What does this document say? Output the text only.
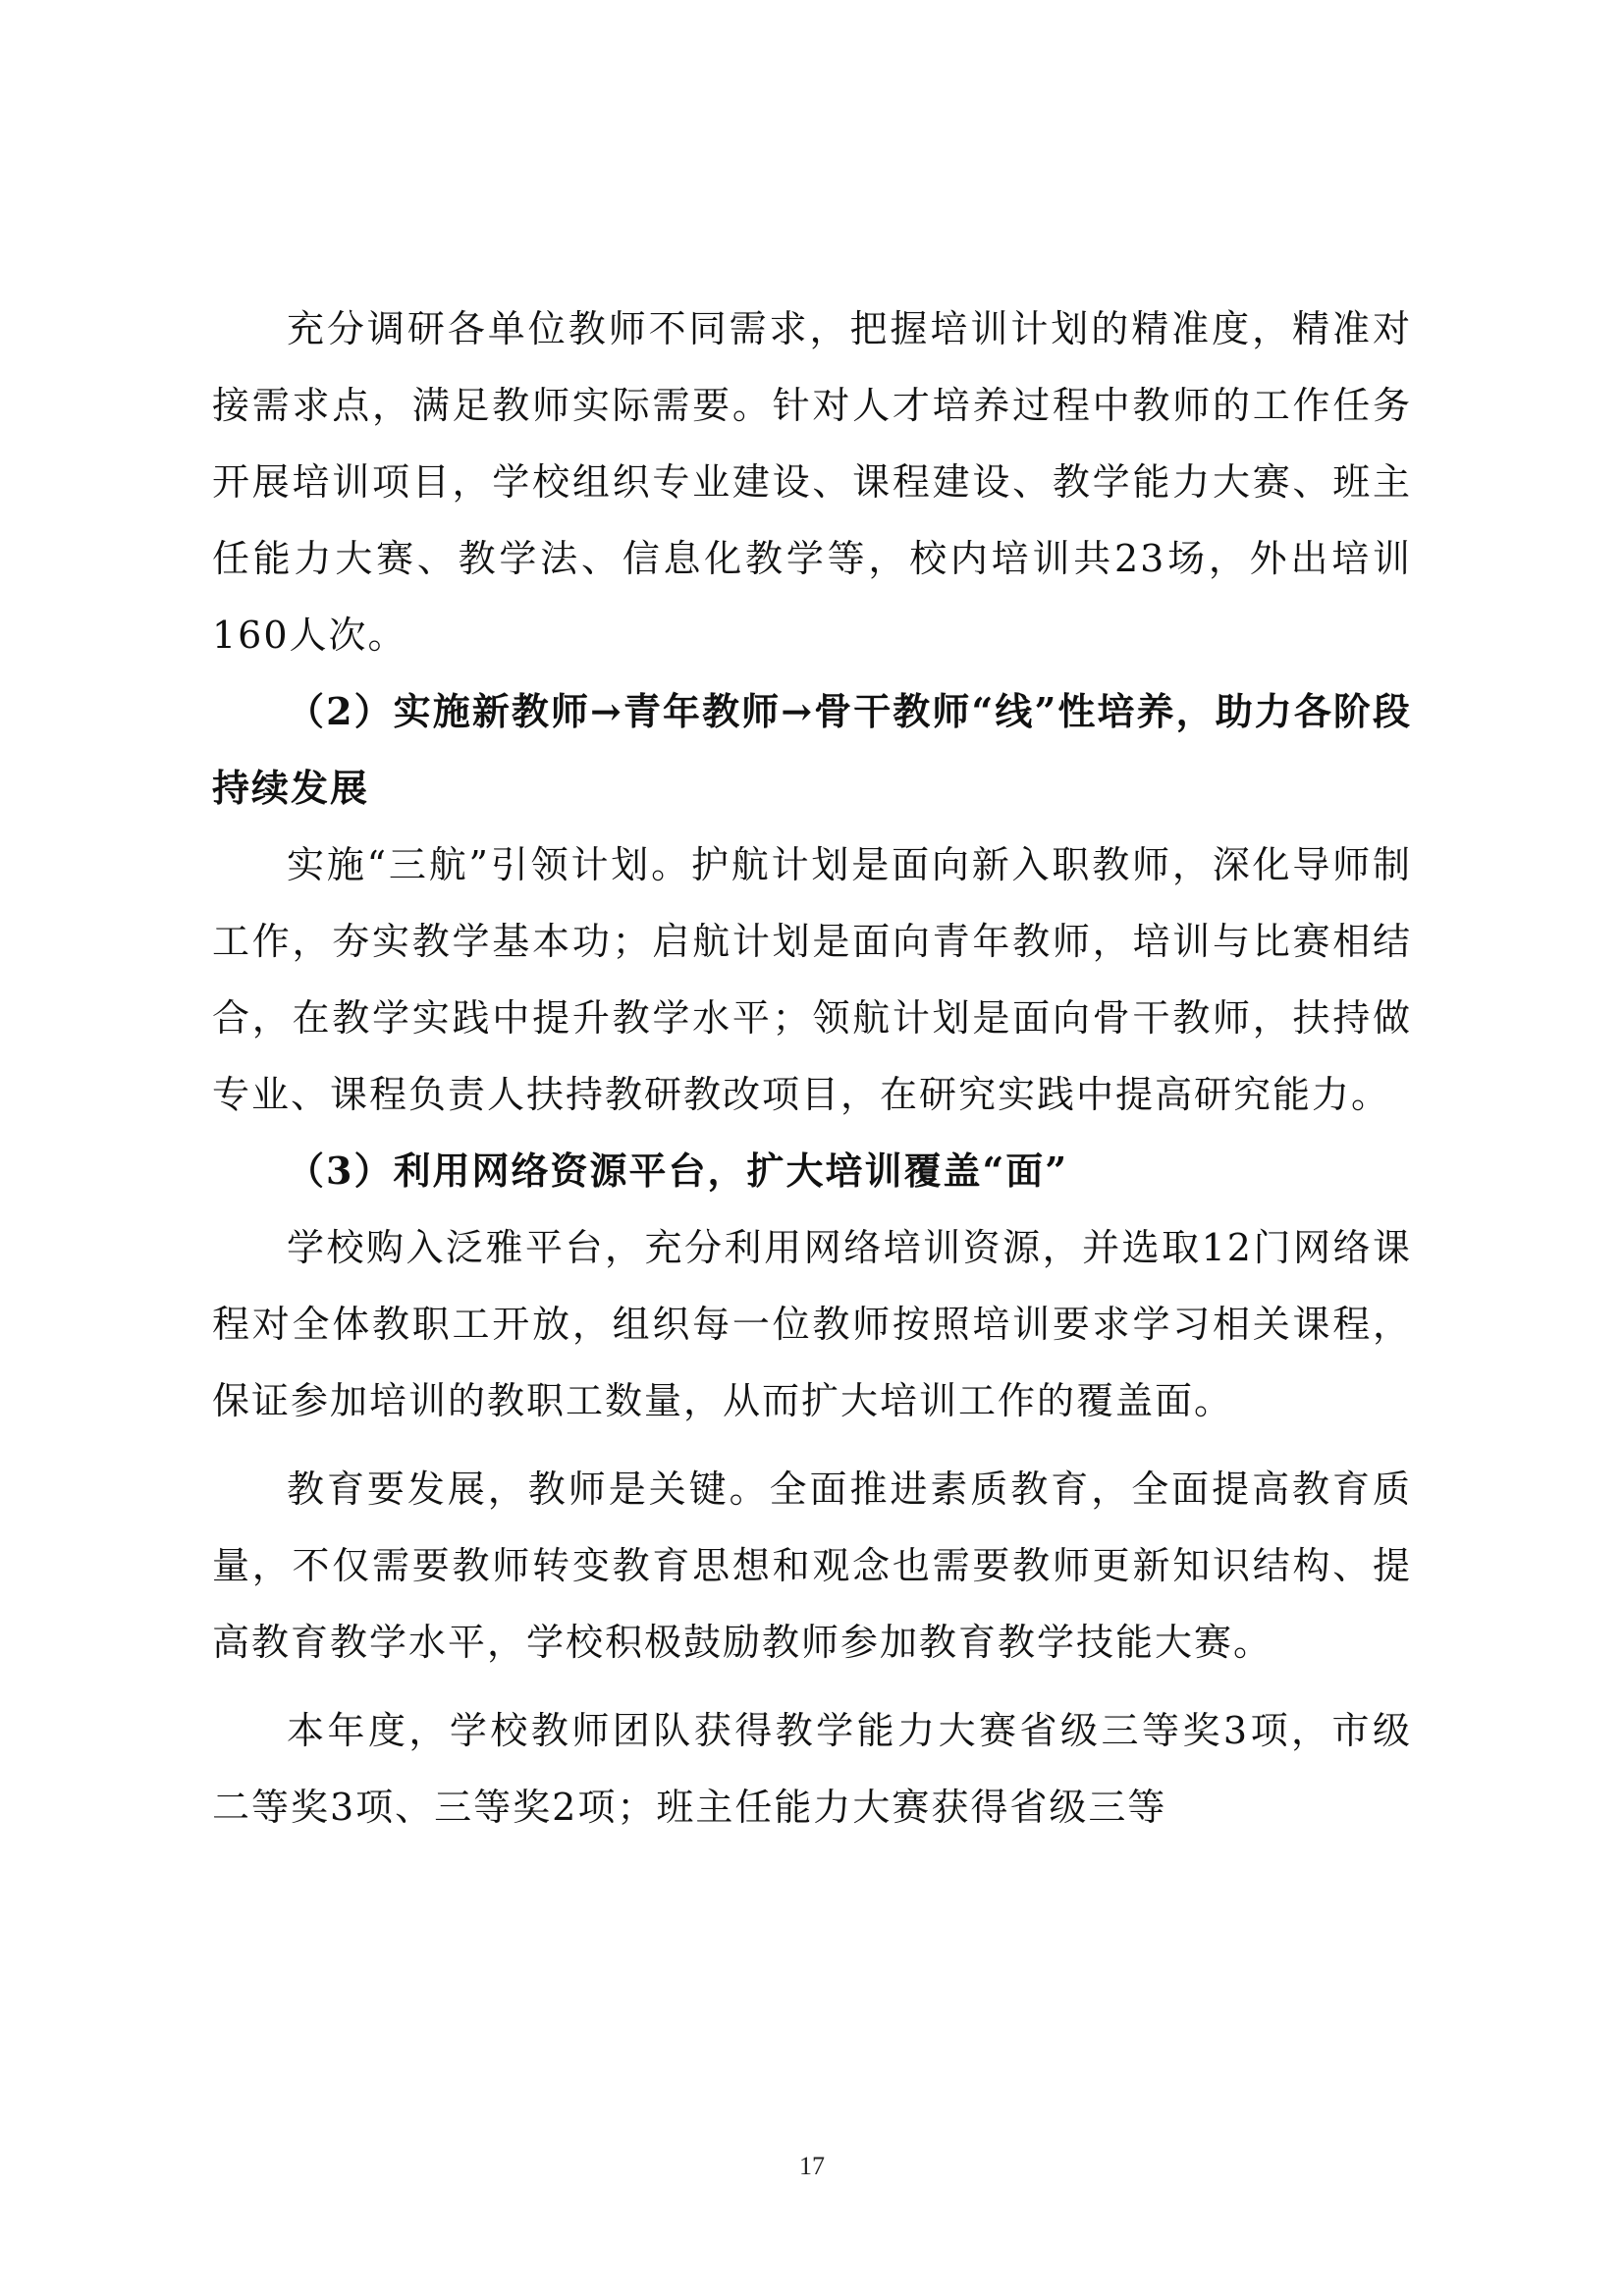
充分调研各单位教师不同需求，把握培训计划的精准度，精准对接需求点，满足教师实际需要。针对人才培养过程中教师的工作任务开展培训项目，学校组织专业建设、课程建设、教学能力大赛、班主任能力大赛、教学法、信息化教学等，校内培训共23场，外出培训160人次。

（2）实施新教师→青年教师→骨干教师“线”性培养，助力各阶段持续发展

实施“三航”引领计划。护航计划是面向新入职教师，深化导师制工作，夯实教学基本功；启航计划是面向青年教师，培训与比赛相结合，在教学实践中提升教学水平；领航计划是面向骨干教师，扶持做专业、课程负责人扶持教研教改项目，在研究实践中提高研究能力。

（3）利用网络资源平台，扩大培训覆盖“面”

学校购入泛雅平台，充分利用网络培训资源，并选取12门网络课程对全体教职工开放，组织每一位教师按照培训要求学习相关课程，保证参加培训的教职工数量，从而扩大培训工作的覆盖面。

教育要发展，教师是关键。全面推进素质教育，全面提高教育质量，不仅需要教师转变教育思想和观念也需要教师更新知识结构、提高教育教学水平，学校积极鼓励教师参加教育教学技能大赛。

本年度，学校教师团队获得教学能力大赛省级三等奖3项，市级二等奖3项、三等奖2项；班主任能力大赛获得省级三等

17
